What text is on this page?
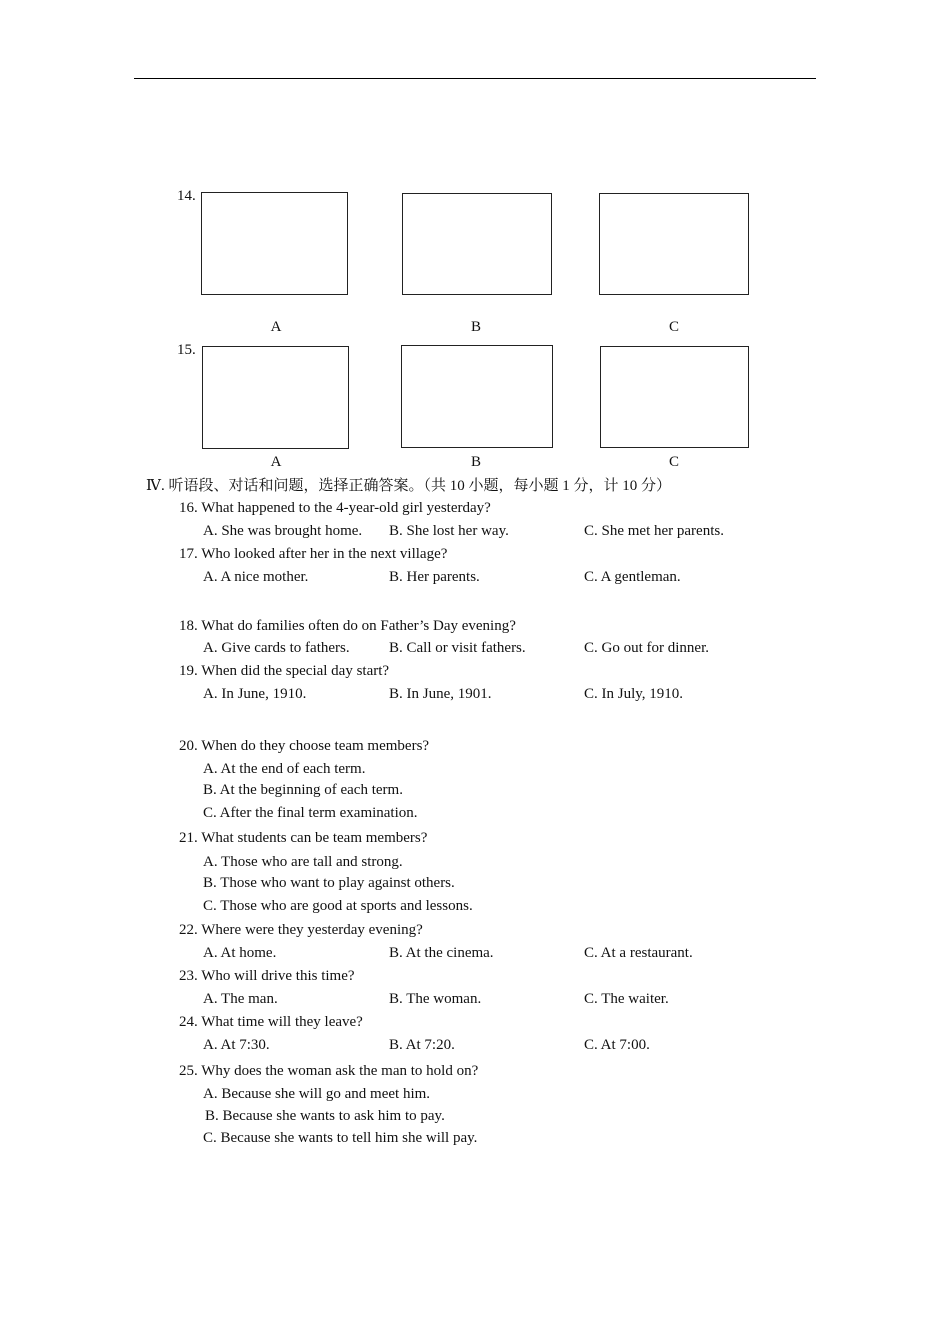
14.
A	B	C
15.
A	B	C
Ⅳ. 听语段、对话和问题，选择正确答案。（共 10 小题，每小题 1 分，计 10 分）
16. What happened to the 4-year-old girl yesterday?
A. She was brought home. B. She lost her way.	C. She met her parents.
17. Who looked after her in the next village?
A. A nice mother.	B. Her parents.	C. A gentleman.
18. What do families often do on Father’s Day evening?
A. Give cards to fathers.	B. Call or visit fathers.	C. Go out for dinner.
19. When did the special day start?
A. In June, 1910.	B. In June, 1901.	C. In July, 1910.
20. When do they choose team members?
A. At the end of each term.
B. At the beginning of each term.
C. After the final term examination.
21. What students can be team members?
A. Those who are tall and strong.
B. Those who want to play against others.
C. Those who are good at sports and lessons.
22. Where were they yesterday evening?
A. At home.	B. At the cinema.	C. At a restaurant.
23. Who will drive this time?
A. The man.	B. The woman.	C. The waiter.
24. What time will they leave?
A. At 7:30.	B. At 7:20.	C. At 7:00.
25. Why does the woman ask the man to hold on?
A. Because she will go and meet him.
B. Because she wants to ask him to pay.
C. Because she wants to tell him she will pay.
